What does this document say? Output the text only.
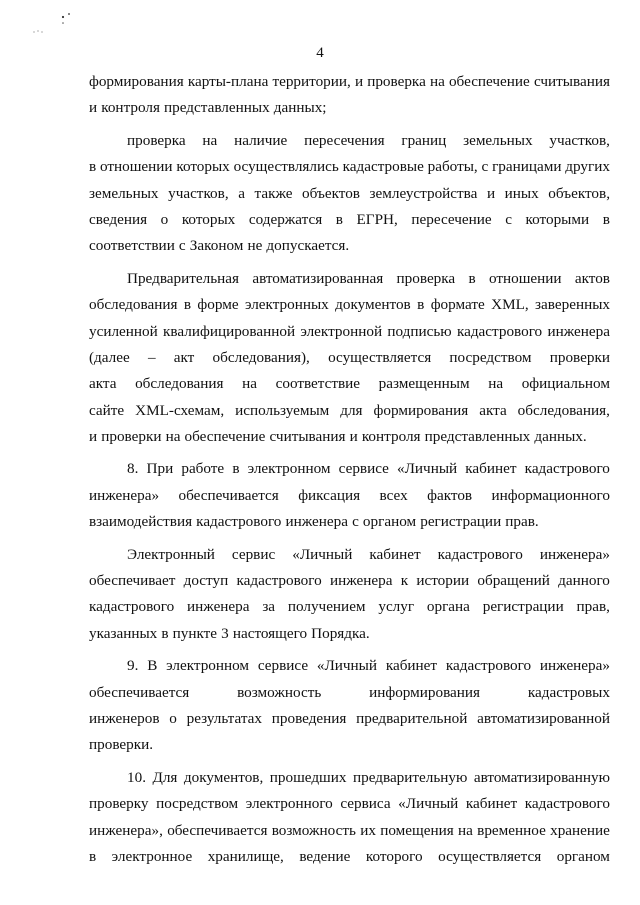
4
формирования карты-плана территории, и проверка на обеспечение считывания
и контроля представленных данных;
проверка на наличие пересечения границ земельных участков,
в отношении которых осуществлялись кадастровые работы, с границами других
земельных участков, а также объектов землеустройства и иных объектов,
сведения о которых содержатся в ЕГРН, пересечение с которыми в
соответствии с Законом не допускается.
Предварительная автоматизированная проверка в отношении актов
обследования в форме электронных документов в формате XML, заверенных
усиленной квалифицированной электронной подписью кадастрового инженера
(далее – акт обследования), осуществляется посредством проверки
акта обследования на соответствие размещенным на официальном
сайте XML-схемам, используемым для формирования акта обследования,
и проверки на обеспечение считывания и контроля представленных данных.
8. При работе в электронном сервисе «Личный кабинет кадастрового
инженера» обеспечивается фиксация всех фактов информационного
взаимодействия кадастрового инженера с органом регистрации прав.
Электронный сервис «Личный кабинет кадастрового инженера»
обеспечивает доступ кадастрового инженера к истории обращений данного
кадастрового инженера за получением услуг органа регистрации прав,
указанных в пункте 3 настоящего Порядка.
9. В электронном сервисе «Личный кабинет кадастрового инженера»
обеспечивается	возможность	информирования	кадастровых
инженеров о результатах проведения предварительной автоматизированной
проверки.
10. Для документов, прошедших предварительную автоматизированную
проверку посредством электронного сервиса «Личный кабинет кадастрового
инженера», обеспечивается возможность их помещения на временное хранение
в электронное хранилище, ведение которого осуществляется органом
